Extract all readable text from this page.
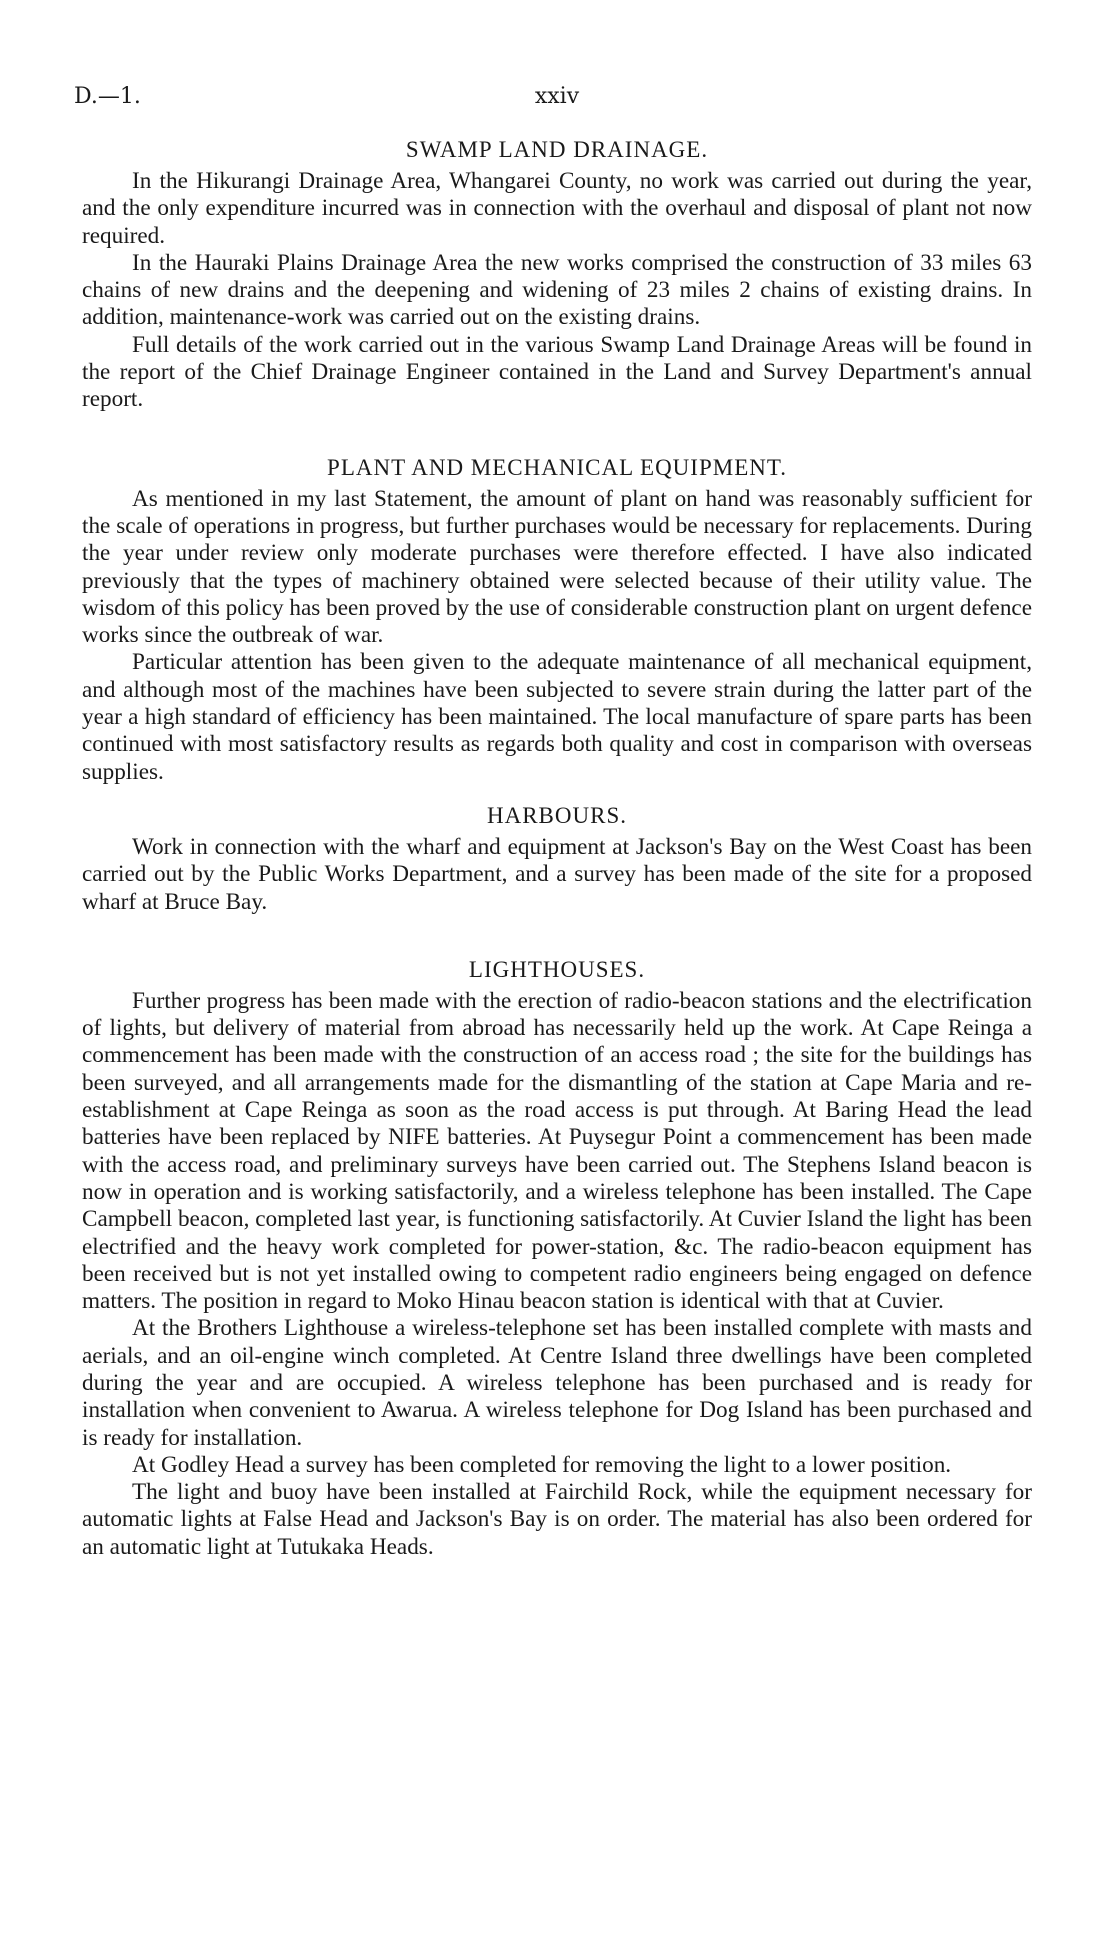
D.—1.	xxiv
SWAMP LAND DRAINAGE.

In the Hikurangi Drainage Area, Whangarei County, no work was carried out during the year, and the only expenditure incurred was in connection with the overhaul and disposal of plant not now required.

In the Hauraki Plains Drainage Area the new works comprised the construction of 33 miles 63 chains of new drains and the deepening and widening of 23 miles 2 chains of existing drains. In addition, maintenance-work was carried out on the existing drains.

Full details of the work carried out in the various Swamp Land Drainage Areas will be found in the report of the Chief Drainage Engineer contained in the Land and Survey Department's annual report.

PLANT AND MECHANICAL EQUIPMENT.

As mentioned in my last Statement, the amount of plant on hand was reasonably sufficient for the scale of operations in progress, but further purchases would be necessary for replacements. During the year under review only moderate purchases were therefore effected. I have also indicated previously that the types of machinery obtained were selected because of their utility value. The wisdom of this policy has been proved by the use of considerable construction plant on urgent defence works since the outbreak of war.

Particular attention has been given to the adequate maintenance of all mechanical equipment, and although most of the machines have been subjected to severe strain during the latter part of the year a high standard of efficiency has been maintained. The local manufacture of spare parts has been continued with most satisfactory results as regards both quality and cost in comparison with overseas supplies.

HARBOURS.

Work in connection with the wharf and equipment at Jackson's Bay on the West Coast has been carried out by the Public Works Department, and a survey has been made of the site for a proposed wharf at Bruce Bay.

LIGHTHOUSES.

Further progress has been made with the erection of radio-beacon stations and the electrification of lights, but delivery of material from abroad has necessarily held up the work. At Cape Reinga a commencement has been made with the construction of an access road ; the site for the buildings has been surveyed, and all arrangements made for the dismantling of the station at Cape Maria and re-establishment at Cape Reinga as soon as the road access is put through. At Baring Head the lead batteries have been replaced by NIFE batteries. At Puysegur Point a commencement has been made with the access road, and preliminary surveys have been carried out. The Stephens Island beacon is now in operation and is working satisfactorily, and a wireless telephone has been installed. The Cape Campbell beacon, completed last year, is functioning satisfactorily. At Cuvier Island the light has been electrified and the heavy work completed for power-station, &c. The radio-beacon equipment has been received but is not yet installed owing to competent radio engineers being engaged on defence matters. The position in regard to Moko Hinau beacon station is identical with that at Cuvier.

At the Brothers Lighthouse a wireless-telephone set has been installed complete with masts and aerials, and an oil-engine winch completed. At Centre Island three dwellings have been completed during the year and are occupied. A wireless telephone has been purchased and is ready for installation when convenient to Awarua. A wireless telephone for Dog Island has been purchased and is ready for installation.

At Godley Head a survey has been completed for removing the light to a lower position.

The light and buoy have been installed at Fairchild Rock, while the equipment necessary for automatic lights at False Head and Jackson's Bay is on order. The material has also been ordered for an automatic light at Tutukaka Heads.
